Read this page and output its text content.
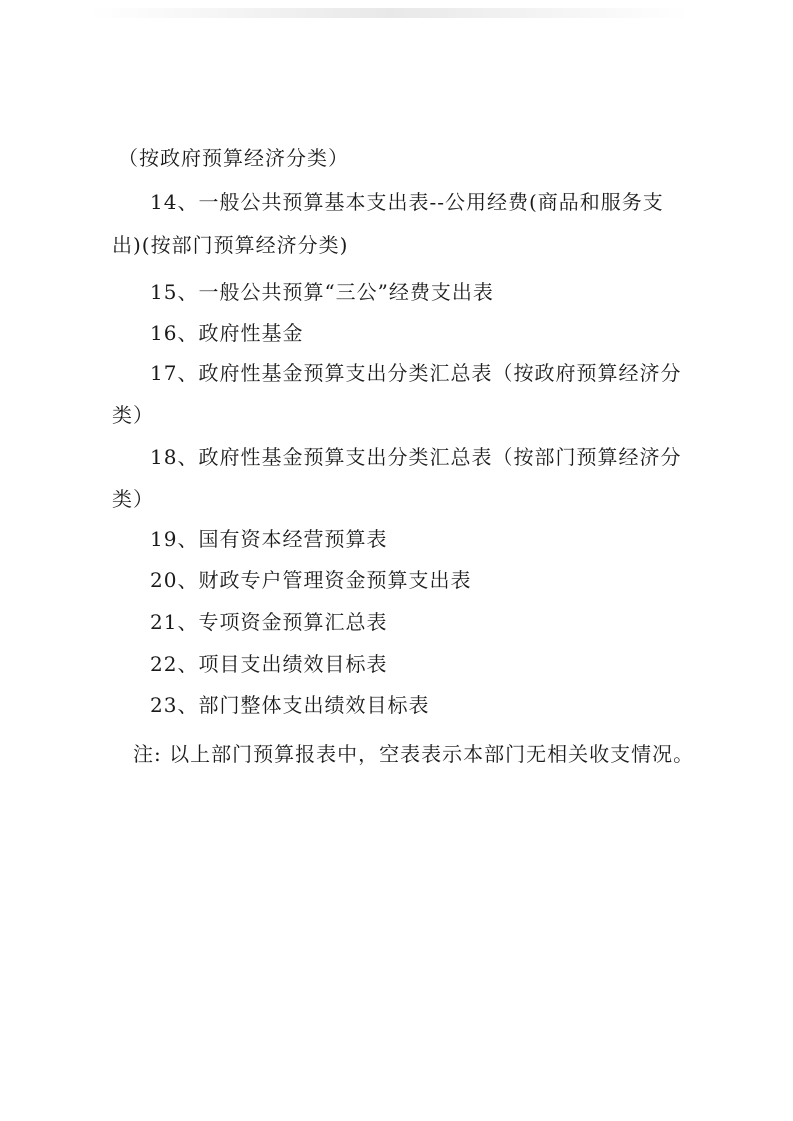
（按政府预算经济分类）
14、一般公共预算基本支出表--公用经费(商品和服务支
出)(按部门预算经济分类)
15、一般公共预算“三公”经费支出表
16、政府性基金
17、政府性基金预算支出分类汇总表（按政府预算经济分
类）
18、政府性基金预算支出分类汇总表（按部门预算经济分
类）
19、国有资本经营预算表
20、财政专户管理资金预算支出表
21、专项资金预算汇总表
22、项目支出绩效目标表
23、部门整体支出绩效目标表
注: 以上部门预算报表中，空表表示本部门无相关收支情况。
